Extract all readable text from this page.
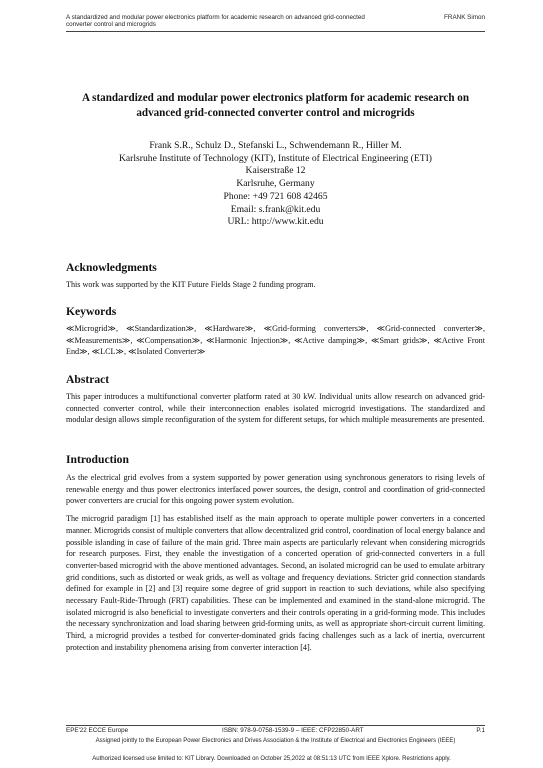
A standardized and modular power electronics platform for academic research on advanced grid-connected converter control and microgrids
FRANK Simon
A standardized and modular power electronics platform for academic research on advanced grid-connected converter control and microgrids
Frank S.R., Schulz D., Stefanski L., Schwendemann R., Hiller M.
Karlsruhe Institute of Technology (KIT), Institute of Electrical Engineering (ETI)
Kaiserstraße 12
Karlsruhe, Germany
Phone: +49 721 608 42465
Email: s.frank@kit.edu
URL: http://www.kit.edu
Acknowledgments

This work was supported by the KIT Future Fields Stage 2 funding program.

Keywords

≪Microgrid≫, ≪Standardization≫, ≪Hardware≫, ≪Grid-forming converters≫, ≪Grid-connected converter≫, ≪Measurements≫, ≪Compensation≫, ≪Harmonic Injection≫, ≪Active damping≫, ≪Smart grids≫, ≪Active Front End≫, ≪LCL≫, ≪Isolated Converter≫

Abstract

This paper introduces a multifunctional converter platform rated at 30 kW. Individual units allow research on advanced grid-connected converter control, while their interconnection enables isolated microgrid investigations. The standardized and modular design allows simple reconfiguration of the system for different setups, for which multiple measurements are presented.

Introduction

As the electrical grid evolves from a system supported by power generation using synchronous generators to rising levels of renewable energy and thus power electronics interfaced power sources, the design, control and coordination of grid-connected power converters are crucial for this ongoing power system evolution.

The microgrid paradigm [1] has established itself as the main approach to operate multiple power converters in a concerted manner. Microgrids consist of multiple converters that allow decentralized grid control, coordination of local energy balance and possible islanding in case of failure of the main grid. Three main aspects are particularly relevant when considering microgrids for research purposes. First, they enable the investigation of a concerted operation of grid-connected converters in a full converter-based microgrid with the above mentioned advantages. Second, an isolated microgrid can be used to emulate arbitrary grid conditions, such as distorted or weak grids, as well as voltage and frequency deviations. Stricter grid connection standards defined for example in [2] and [3] require some degree of grid support in reaction to such deviations, while also specifying necessary Fault-Ride-Through (FRT) capabilities. These can be implemented and examined in the stand-alone microgrid. The isolated microgrid is also beneficial to investigate converters and their controls operating in a grid-forming mode. This includes the necessary synchronization and load sharing between grid-forming units, as well as appropriate short-circuit current limiting. Third, a microgrid provides a testbed for converter-dominated grids facing challenges such as a lack of inertia, overcurrent protection and instability phenomena arising from converter interaction [4].

EPE'22 ECCE Europe	ISBN: 978-9-0758-1539-9 – IEEE: CFP22850-ART	P.1
Assigned jointly to the European Power Electronics and Drives Association & the Institute of Electrical and Electronics Engineers (IEEE)
Authorized licensed use limited to: KIT Library. Downloaded on October 25,2022 at 08:51:13 UTC from IEEE Xplore. Restrictions apply.
